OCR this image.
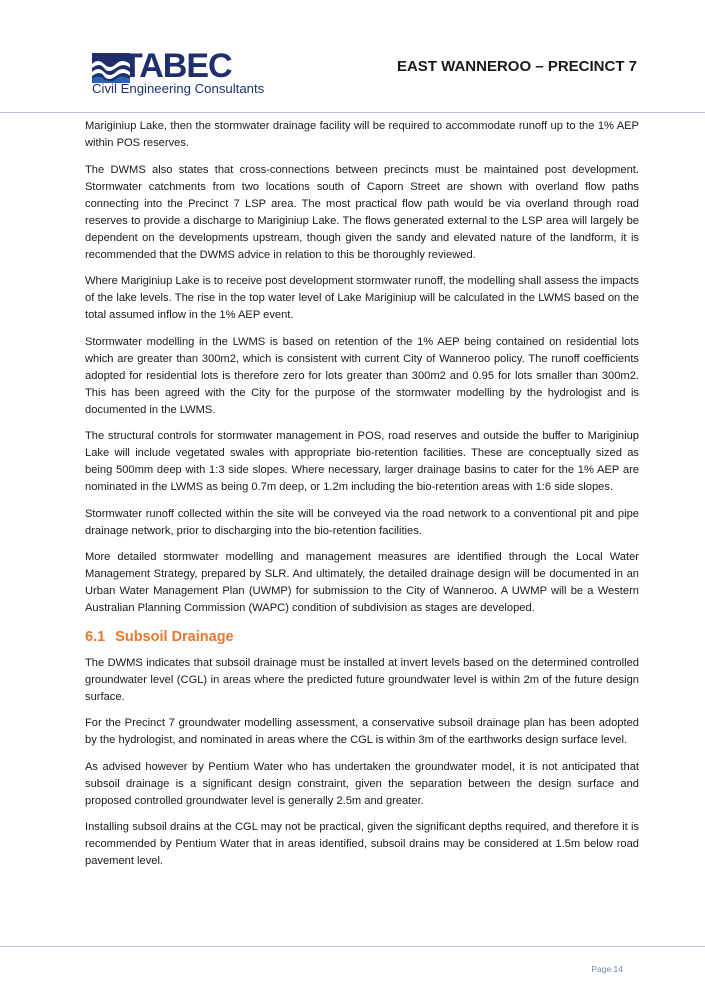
TABEC
Civil Engineering Consultants
EAST WANNEROO – PRECINCT 7

Mariginiup Lake, then the stormwater drainage facility will be required to accommodate runoff up to the 1% AEP within POS reserves.

The DWMS also states that cross-connections between precincts must be maintained post development. Stormwater catchments from two locations south of Caporn Street are shown with overland flow paths connecting into the Precinct 7 LSP area. The most practical flow path would be via overland through road reserves to provide a discharge to Mariginiup Lake. The flows generated external to the LSP area will largely be dependent on the developments upstream, though given the sandy and elevated nature of the landform, it is recommended that the DWMS advice in relation to this be thoroughly reviewed.

Where Mariginiup Lake is to receive post development stormwater runoff, the modelling shall assess the impacts of the lake levels. The rise in the top water level of Lake Mariginiup will be calculated in the LWMS based on the total assumed inflow in the 1% AEP event.

Stormwater modelling in the LWMS is based on retention of the 1% AEP being contained on residential lots which are greater than 300m2, which is consistent with current City of Wanneroo policy. The runoff coefficients adopted for residential lots is therefore zero for lots greater than 300m2 and 0.95 for lots smaller than 300m2. This has been agreed with the City for the purpose of the stormwater modelling by the hydrologist and is documented in the LWMS.

The structural controls for stormwater management in POS, road reserves and outside the buffer to Mariginiup Lake will include vegetated swales with appropriate bio-retention facilities. These are conceptually sized as being 500mm deep with 1:3 side slopes. Where necessary, larger drainage basins to cater for the 1% AEP are nominated in the LWMS as being 0.7m deep, or 1.2m including the bio-retention areas with 1:6 side slopes.

Stormwater runoff collected within the site will be conveyed via the road network to a conventional pit and pipe drainage network, prior to discharging into the bio-retention facilities.

More detailed stormwater modelling and management measures are identified through the Local Water Management Strategy, prepared by SLR. And ultimately, the detailed drainage design will be documented in an Urban Water Management Plan (UWMP) for submission to the City of Wanneroo. A UWMP will be a Western Australian Planning Commission (WAPC) condition of subdivision as stages are developed.

6.1 Subsoil Drainage

The DWMS indicates that subsoil drainage must be installed at invert levels based on the determined controlled groundwater level (CGL) in areas where the predicted future groundwater level is within 2m of the future design surface.

For the Precinct 7 groundwater modelling assessment, a conservative subsoil drainage plan has been adopted by the hydrologist, and nominated in areas where the CGL is within 3m of the earthworks design surface level.

As advised however by Pentium Water who has undertaken the groundwater model, it is not anticipated that subsoil drainage is a significant design constraint, given the separation between the design surface and proposed controlled groundwater level is generally 2.5m and greater.

Installing subsoil drains at the CGL may not be practical, given the significant depths required, and therefore it is recommended by Pentium Water that in areas identified, subsoil drains may be considered at 1.5m below road pavement level.

Page 14
